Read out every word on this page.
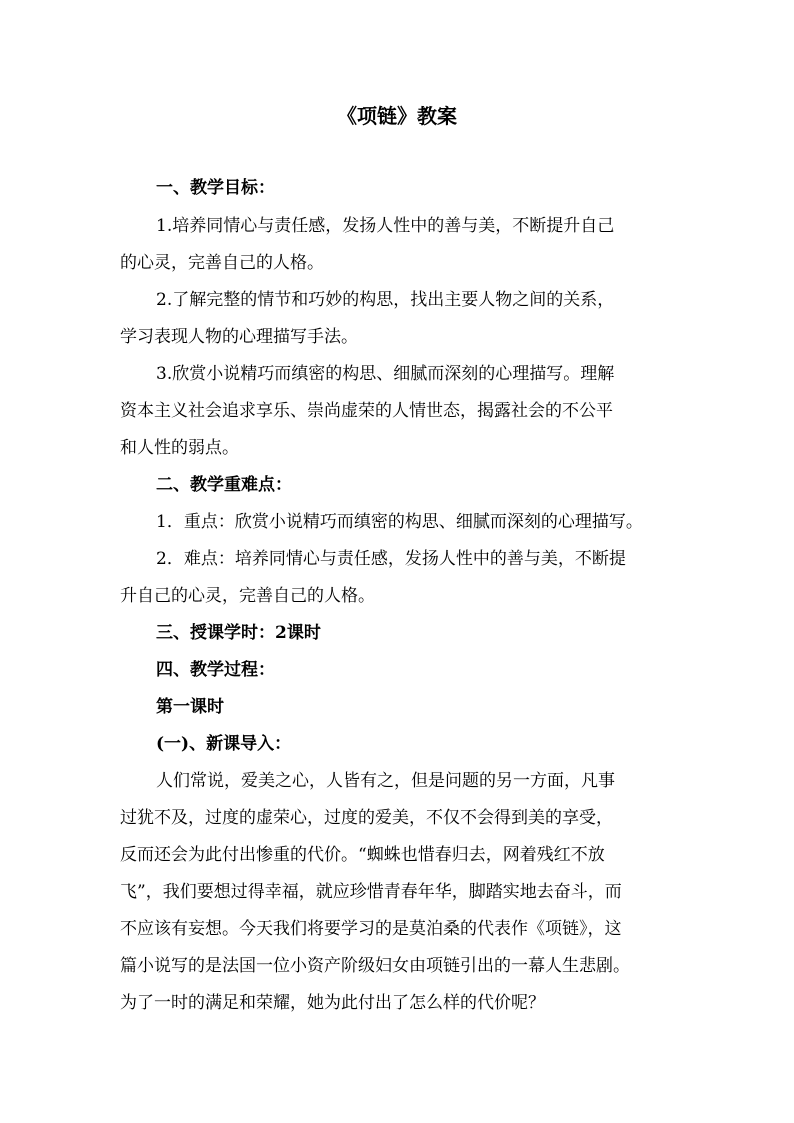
《项链》教案
一、教学目标：
1.培养同情心与责任感，发扬人性中的善与美，不断提升自己
的心灵，完善自己的人格。
2.了解完整的情节和巧妙的构思，找出主要人物之间的关系，
学习表现人物的心理描写手法。
3.欣赏小说精巧而缜密的构思、细腻而深刻的心理描写。理解
资本主义社会追求享乐、崇尚虚荣的人情世态，揭露社会的不公平
和人性的弱点。
二、教学重难点：
1．重点：欣赏小说精巧而缜密的构思、细腻而深刻的心理描写。
2．难点：培养同情心与责任感，发扬人性中的善与美，不断提
升自己的心灵，完善自己的人格。
三、授课学时：2课时
四、教学过程：
第一课时
(一)、新课导入：
人们常说，爱美之心，人皆有之，但是问题的另一方面，凡事
过犹不及，过度的虚荣心，过度的爱美，不仅不会得到美的享受，
反而还会为此付出惨重的代价。“蜘蛛也惜春归去，网着残红不放
飞”，我们要想过得幸福，就应珍惜青春年华，脚踏实地去奋斗，而
不应该有妄想。今天我们将要学习的是莫泊桑的代表作《项链》，这
篇小说写的是法国一位小资产阶级妇女由项链引出的一幕人生悲剧。
为了一时的满足和荣耀，她为此付出了怎么样的代价呢？
